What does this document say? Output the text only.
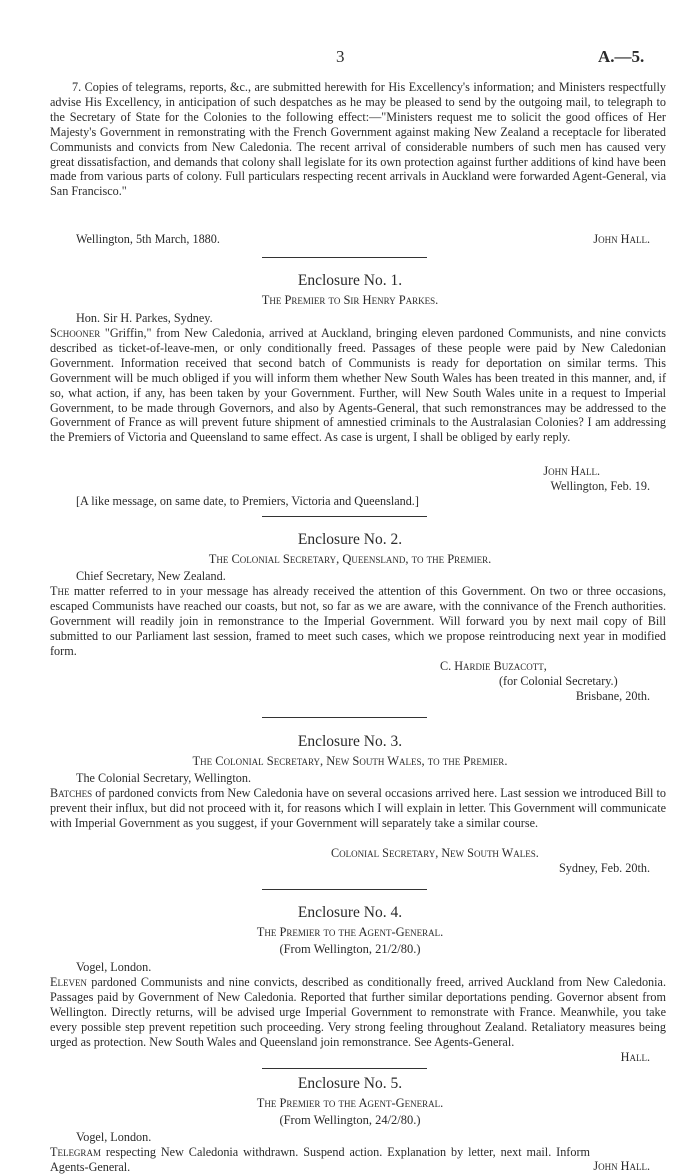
3	A.—5.

7. Copies of telegrams, reports, &c., are submitted herewith for His Excellency's information; and Ministers respectfully advise His Excellency, in anticipation of such despatches as he may be pleased to send by the outgoing mail, to telegraph to the Secretary of State for the Colonies to the following effect:—"Ministers request me to solicit the good offices of Her Majesty's Government in remonstrating with the French Government against making New Zealand a receptacle for liberated Communists and convicts from New Caledonia. The recent arrival of considerable numbers of such men has caused very great dissatisfaction, and demands that colony shall legislate for its own protection against further additions of kind have been made from various parts of colony. Full particulars respecting recent arrivals in Auckland were forwarded Agent-General, via San Francisco."

Wellington, 5th March, 1880.	John Hall.
Enclosure No. 1.
The Premier to Sir Henry Parkes.
Hon. Sir H. Parkes, Sydney.

Schooner "Griffin," from New Caledonia, arrived at Auckland, bringing eleven pardoned Communists, and nine convicts described as ticket-of-leave-men, or only conditionally freed. Passages of these people were paid by New Caledonian Government. Information received that second batch of Communists is ready for deportation on similar terms. This Government will be much obliged if you will inform them whether New South Wales has been treated in this manner, and, if so, what action, if any, has been taken by your Government. Further, will New South Wales unite in a request to Imperial Government, to be made through Governors, and also by Agents-General, that such remonstrances may be addressed to the Government of France as will prevent future shipment of amnestied criminals to the Australasian Colonies? I am addressing the Premiers of Victoria and Queensland to same effect. As case is urgent, I shall be obliged by early reply.

John Hall.
Wellington, Feb. 19.
[A like message, on same date, to Premiers, Victoria and Queensland.]
Enclosure No. 2.
The Colonial Secretary, Queensland, to the Premier.
Chief Secretary, New Zealand.

The matter referred to in your message has already received the attention of this Government. On two or three occasions, escaped Communists have reached our coasts, but not, so far as we are aware, with the connivance of the French authorities. Government will readily join in remonstrance to the Imperial Government. Will forward you by next mail copy of Bill submitted to our Parliament last session, framed to meet such cases, which we propose reintroducing next year in modified form.

C. Hardie Buzacott,
(for Colonial Secretary.)
Brisbane, 20th.
Enclosure No. 3.
The Colonial Secretary, New South Wales, to the Premier.
The Colonial Secretary, Wellington.

Batches of pardoned convicts from New Caledonia have on several occasions arrived here. Last session we introduced Bill to prevent their influx, but did not proceed with it, for reasons which I will explain in letter. This Government will communicate with Imperial Government as you suggest, if your Government will separately take a similar course.

Colonial Secretary, New South Wales.
Sydney, Feb. 20th.
Enclosure No. 4.
The Premier to the Agent-General.
(From Wellington, 21/2/80.)
Vogel, London.

Eleven pardoned Communists and nine convicts, described as conditionally freed, arrived Auckland from New Caledonia. Passages paid by Government of New Caledonia. Reported that further similar deportations pending. Governor absent from Wellington. Directly returns, will be advised urge Imperial Government to remonstrate with France. Meanwhile, you take every possible step prevent repetition such proceeding. Very strong feeling throughout Zealand. Retaliatory measures being urged as protection. New South Wales and Queensland join remonstrance. See Agents-General.

Hall.
Enclosure No. 5.
The Premier to the Agent-General.
(From Wellington, 24/2/80.)
Vogel, London.

Telegram respecting New Caledonia withdrawn. Suspend action. Explanation by letter, next mail. Inform Agents-General.	John Hall.
